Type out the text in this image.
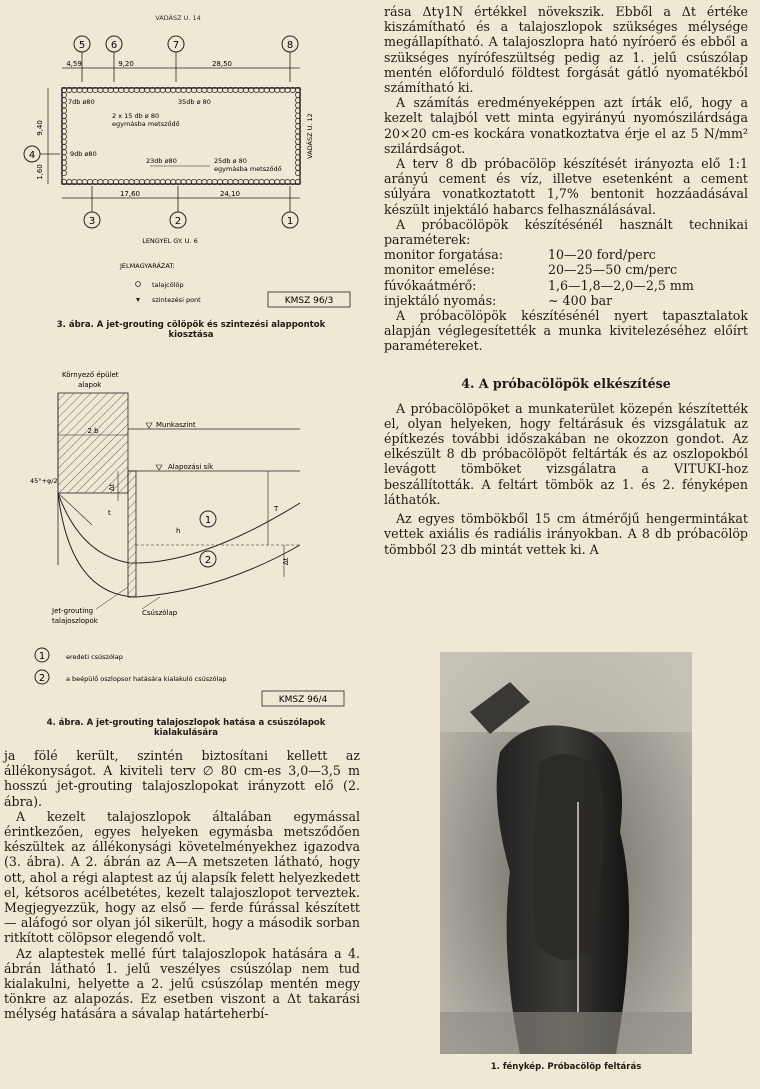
VADÁSZ U. 14
5	6	7	8
4,59	9,20	28,50
7db ø80
2 x 15 db ø 80
egymásba metsződő
35db ø 80
9db ø80
23db ø80	25db ø 80
egymásba metsződő
9,40
1,60
4	VADÁSZ U. 12
17,60	24,10
3	2	1
LENGYEL GY. U. 6
JELMAGYARÁZAT:
talajcölöp
szintezési pont	KMSZ 96/3
3. ábra. A jet-grouting cölöpök és szintezési alappontok kiosztása
Környező épület
alapok
2 b
Munkaszint
Alapozási sík
45°+φ/2
1
2
h
T
Δt
Δt
t
Jet-grouting
talajoszlopok
Csúszólap
1	eredeti csúszólap
2	a beépülő oszlopsor hatására kialakuló csúszólap
KMSZ 96/4
4. ábra. A jet-grouting talajoszlopok hatása a csúszólapok
kialakulására

ja fölé került, szintén biztosítani kellett az állékonyságot. A kiviteli terv ∅ 80 cm-es 3,0—3,5 m hosszú jet-grouting talajoszlopokat irányzott elő (2. ábra).

A kezelt talajoszlopok általában egymással érintkezően, egyes helyeken egymásba metsződően készültek az állékonysági követelményekhez igazodva (3. ábra). A 2. ábrán az A—A metszeten látható, hogy ott, ahol a régi alaptest az új alapsík felett helyezkedett el, kétsoros acélbetétes, kezelt talajoszlopot terveztek. Megjegyezzük, hogy az első — ferde fúrással készített — aláfogó sor olyan jól sikerült, hogy a második sorban ritkított cölöpsor elegendő volt.

Az alaptestek mellé fúrt talajoszlopok hatására a 4. ábrán látható 1. jelű veszélyes csúszólap nem tud kialakulni, helyette a 2. jelű csúszólap mentén megy tönkre az alapozás. Ez esetben viszont a Δt takarási mélység hatására a sávalap határteherbí-

rása Δtγ1N értékkel növekszik. Ebből a Δt értéke kiszámítható és a talajoszlopok szükséges mélysége megállapítható. A talajoszlopra ható nyíróerő és ebből a szükséges nyírófeszültség pedig az 1. jelű csúszólap mentén előforduló földtest forgását gátló nyomatékból számítható ki.

A számítás eredményeképpen azt írták elő, hogy a kezelt talajból vett minta egyirányú nyomószilárdsága 20×20 cm-es kockára vonatkoztatva érje el az 5 N/mm² szilárdságot.

A terv 8 db próbacölöp készítését irányozta elő 1:1 arányú cement és víz, illetve esetenként a cement súlyára vonatkoztatott 1,7% bentonit hozzáadásával készült injektáló habarcs felhasználásával.

A próbacölöpök készítésénél használt technikai paraméterek:

monitor forgatása:	10—20 ford/perc
monitor emelése:	20—25—50 cm/perc
fúvókaátmérő:	1,6—1,8—2,0—2,5 mm
injektáló nyomás:	~ 400 bar

A próbacölöpök készítésénél nyert tapasztalatok alapján véglegesítették a munka kivitelezéséhez előírt paramétereket.

4. A próbacölöpök elkészítése

A próbacölöpöket a munkaterület közepén készítették el, olyan helyeken, hogy feltárásuk és vizsgálatuk az építkezés további időszakában ne okozzon gondot. Az elkészült 8 db próbacölöpöt feltárták és az oszlopokból levágott tömböket vizsgálatra a VITUKI-hoz beszállították. A feltárt tömbök az 1. és 2. fényképen láthatók.

Az egyes tömbökből 15 cm átmérőjű hengermintákat vettek axiális és radiális irányokban. A 8 db próbacölöp tömbből 23 db mintát vettek ki. A

1. fénykép. Próbacölöp feltárás
